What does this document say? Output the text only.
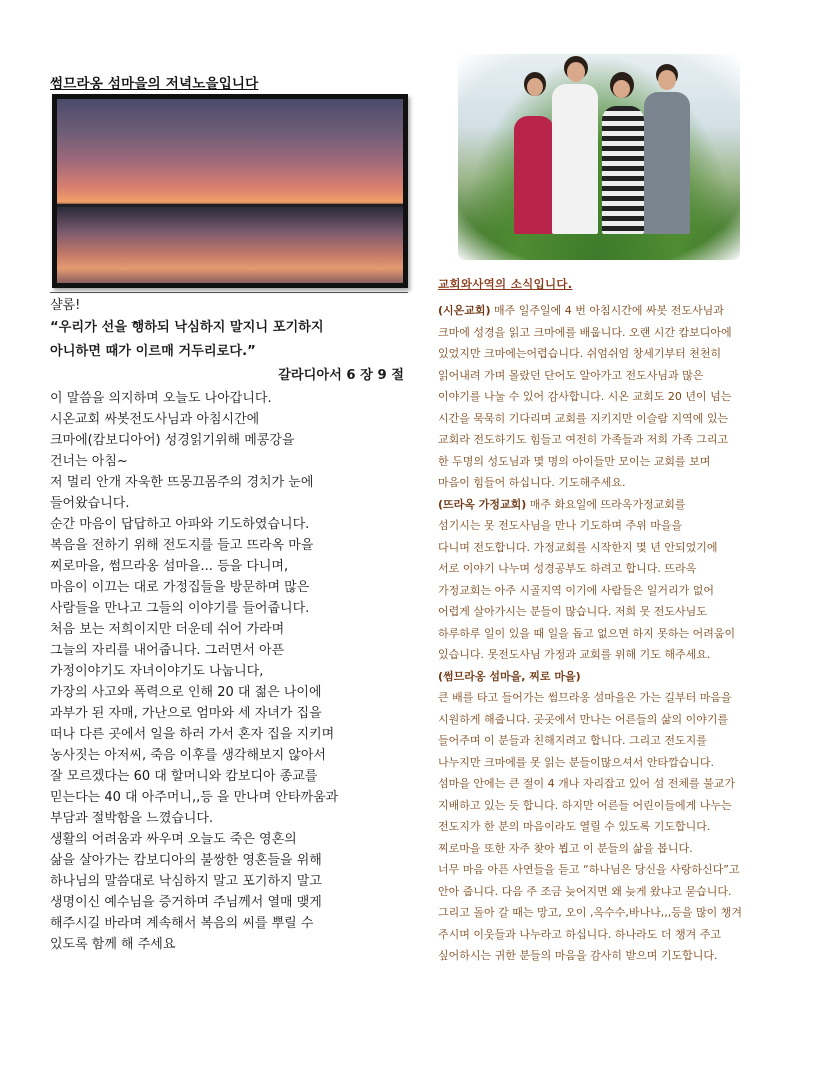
썸므라옹 섬마을의 저녁노을입니다

샬롬!

“우리가 선을 행하되 낙심하지 말지니 포기하지

아니하면 때가 이르매 거두리로다.”

갈라디아서 6 장 9 절

이 말씀을 의지하며 오늘도 나아갑니다.

시온교회 싸봇전도사님과 아침시간에

크마에(캄보디아어) 성경읽기위해 메콩강을

건너는 아침~

저 멀리 안개 자욱한 뜨몽끄몸주의 경치가 눈에

들어왔습니다.

순간 마음이 답답하고 아파와 기도하였습니다.

복음을 전하기 위해 전도지를 들고 뜨라옥 마을

찌로마을, 썸므라옹 섬마을... 등을 다니며,

마음이 이끄는 대로 가정집들을 방문하며 많은

사람들을 만나고 그들의 이야기를 들어줍니다.

처음 보는 저희이지만 더운데 쉬어 가라며

그늘의 자리를 내어줍니다. 그러면서 아픈

가정이야기도 자녀이야기도 나눕니다,

가장의 사고와 폭력으로 인해 20 대 젊은 나이에

과부가 된 자매, 가난으로 엄마와 세 자녀가 집을

떠나 다른 곳에서 일을 하러 가서 혼자 집을 지키며

농사짓는 아저씨, 죽음 이후를 생각해보지 않아서

잘 모르겠다는 60 대 할머니와 캄보디아 종교를

믿는다는 40 대 아주머니,,등 을 만나며 안타까움과

부담과 절박함을 느꼈습니다.

생활의 어려움과 싸우며 오늘도 죽은 영혼의

삶을 살아가는 캄보디아의 불쌍한 영혼들을 위해

하나님의 말씀대로 낙심하지 말고 포기하지 말고

생명이신 예수님을 증거하며 주님께서 열매 맺게

해주시길 바라며 계속해서 복음의 씨를 뿌릴 수

있도록 함께 해 주세요

교회와사역의 소식입니다.

(시온교회) 매주 일주일에 4 번 아침시간에 싸봇 전도사님과

크마에 성경을 읽고 크마에를 배웁니다. 오랜 시간 캄보디아에

있었지만 크마에는어렵습니다. 쉬엄쉬엄 창세기부터 천천히

읽어내려 가며 몰랐던 단어도 알아가고 전도사님과 많은

이야기를 나눌 수 있어 감사합니다. 시온 교회도 20 년이 넘는

시간을 묵묵히 기다리며 교회를 지키지만 이슬람 지역에 있는

교회라 전도하기도 힘들고 여전히 가족들과 저희 가족 그리고

한 두명의 성도님과 몇 명의 아이들만 모이는 교회를 보며

마음이 힘들어 하십니다. 기도해주세요.

(뜨라옥 가정교회) 매주 화요일에 뜨라옥가정교회를

섬기시는 못 전도사님을 만나 기도하며 주위 마을을

다니며 전도합니다. 가정교회를 시작한지 몇 년 안되었기에

서로 이야기 나누며 성경공부도 하려고 합니다. 뜨라옥

가정교회는 아주 시골지역 이기에 사람들은 일거리가 없어

어렵게 살아가시는 분들이 많습니다. 저희 못 전도사님도

하루하루 일이 있을 때 일을 돕고 없으면 하지 못하는 어려움이

있습니다. 못전도사님 가정과 교회를 위해 기도 해주세요.

(썸므라옹 섬마을, 찌로 마을)

큰 배를 타고 들어가는 썸므라옹 섬마을은 가는 길부터 마음을

시원하게 해줍니다. 곳곳에서 만나는 어른들의 삶의 이야기를

들어주며 이 분들과 친해지려고 합니다. 그리고 전도지를

나누지만 크마에를 못 읽는 분들이많으셔서 안타깝습니다.

섬마을 안에는 큰 절이 4 개나 자리잡고 있어 섬 전체를 불교가

지배하고 있는 듯 합니다. 하지만 어른들 어린이들에게 나누는

전도지가 한 분의 마음이라도 열릴 수 있도록 기도합니다.

찌로마을 또한 자주 찾아 뵙고 이 분들의 삶을 봅니다.

너무 마음 아픈 사연들을 듣고 “하나님은 당신을 사랑하신다”고

안아 줍니다. 다음 주 조금 늦어지면 왜 늦게 왔냐고 묻습니다.

그리고 돌아 갈 때는 망고, 오이 ,옥수수,바나나,,,등을 많이 챙겨

주시며 이웃들과 나누라고 하십니다. 하나라도 더 챙겨 주고

싶어하시는 귀한 분들의 마음을 감사히 받으며 기도합니다.
